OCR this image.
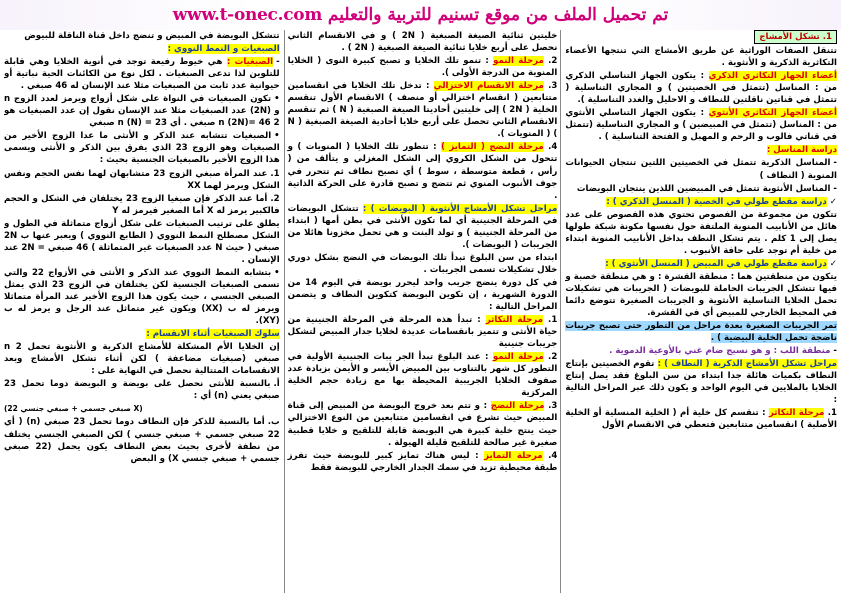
تم تحميل الملف من موقع تسنيم للتربية والتعليم www.t-onec.com

1. تشكل الأمشاج

تتنقل الصفات الوراثية عن طريق الأمشاج التي تنتجها الأعضاء التكاثرية الذكرية و الأنثوية .

أعضاء الجهاز التكاثري الذكري : يتكون الجهاز التناسلي الذكري من : المناسل (تتمثل في الخصيتين ) و المجاري التناسلية ( تتمثل في قناتين ناقلتين للنطاف و الاحليل والغدد التناسلية ).

أعضاء الجهاز التكاثري الأنثوي : يتكون الجهاز التناسلي الأنثوي من : المناسل (تتمثل في المبيضين ) و المجاري التناسلية (تتمثل في قناتي فالوب و الرحم و المهبل و الفتحة التناسلية ) .

دراسة المناسل :

-المناسل الذكرية تتمثل في الخصيتين اللتين تنتجان الحيوانات المنوية ( النطاف )

-المناسل الأنثوية تتمثل في المبيضين اللذين ينتجان البويضات

✓دراسة مقطع طولي في الخصية ( المنسل الذكري ) :

تتكون من مجموعة من الفصوص تحتوي هذه الفصوص على عدد هائل من الأنابيب المنوية الملتفة حول نفسها مكونة شبكة طولها يصل إلى 1 كلم . يتم تشكل النطف بداخل الأنابيب المنوية ابتداء من خلية أم توجد على حافة الأنبوب .

✓دراسة مقطع طولي في المبيض ( المنسل الأنثوي ) :

يتكون من منطقتين هما : منطقة القشرة : و هي منطقة خصبة و فيها تتشكل الجريبات الحاملة للبويضات ( الجريبات هي تشكيلات تحمل الخلايا التناسلية الأنثوية و الجريبات الصغيرة تتوضع دائما في المحيط الخارجي للمبيض أي في القشرة.

تمر الجريبات الصغيرة بعدة مراحل من التطور حتى تصبح جريبات ناضجة تحمل الخلية البيضية ) .

-منطقة اللب : و هو نسيج ضام غني بالأوعية الدموية .

مراحل تشكل الأمشاج الذكرية ( النطاف ) : تقوم الخصيتين بإنتاج النطاف بكميات هائلة جدا ابتداء من سن البلوغ فقد يصل إنتاج الخلايا بالملايين في اليوم الواحد و يكون ذلك عبر المراحل التالية :

1. مرحلة التكاثر : تنقسم كل خلية أم ( الخلية المنسلية أو الخلية الأصلية ) انقسامين متتابعين فتعطي في الانقسام الأول

خليتين ثنائية الصيغة الصبغية ( 2N ) و في الانقسام الثاني نحصل على أربع خلايا ثنائية الصيغة الصبغية ( 2N ) .

2. مرحلة النمو : تنمو تلك الخلايا و تصبح كبيرة النوى ( الخلايا المنوية من الدرجة الأولى ).

3. مرحلة الانقسام الاختزالي : تدخل تلك الخلايا في انقسامين متتابعين ( انقسام اختزالي أو منصف ) الانقسام الأول تنقسم الخلية ( 2N ) إلى خليتين أحاديتا الصيغة الصبغية ( N ) ثم تنقسم الانقسام الثاني تحصل على أربع خلايا أحادية الصيغة الصبغية ( N ) ( المنويات ).

4. مرحلة النضج ( التمايز ) : تتطور تلك الخلايا ( المنويات ) و تتحول من الشكل الكروي إلى الشكل المغزلي و يتألف من ( رأس ، قطعة متوسطة ، سوط ) أي تصبح نطاف ثم تتحرر في جوف الأنبوب المنوي ثم تتضج و تصبح قادرة على الحركة الذاتية .

مراحل تشكل الأمشاج الأنثوية ( البويضات ) : تتشكل البويضات في المرحلة الجنينية أي لما تكون الأنثى في بطن أمها ( ابتداء من المرحلة الجنينية ) و تولد البنت و هي تحمل مخزونا هائلا من الجريبات ( البويضات ).

ابتداء من سن البلوغ تبدأ تلك البويضات في النضج بشكل دوري خلال تشكيلات تسمى الجريبات .

في كل دورة ينضج جريب واحد ليحرر بويضة في اليوم 14 من الدورة الشهرية ، إن تكوين البويضة كتكوين النطاف و يتضمن المراحل التالية :

1. مرحلة التكاثر : تبدأ هذه المرحلة في المرحلة الجنينية من حياة الأنثى و تتميز بانقسامات عديدة لخلايا جدار المبيض لتشكل جريبات جنينية

2. مرحلة النمو : عند البلوغ تبدأ الجر يبات الجنينية الأولية في التطور كل شهر بالتناوب بين المبيض الأيسر و الأيمن بزيادة عدد صفوف الخلايا الجريبية المحيطة بها مع زيادة حجم الخلية المركزية

3. مرحلة النضج : و تتم بعد خروج البويضة من المبيض إلى قناة المبيض حيث تشرع في انقسامين متتابعين من النوع الاختزالي حيث ينتج خلية كبيرة هي البويضة قابلة للتلقيح و خلايا قطبية صغيرة غير صالحة للتلقيح قليلة الهيولة .

4. مرحلة التمايز : ليس هناك تمايز كبير للبويضة حيث تفرز طبقة محيطية تزيد في سمك الجدار الخارجي للبويضة فقط

تتشكل البويضة في المبيض و تنضج داخل قناة الناقلة للبيوض

الصبغيات و النمط النووي :

-الصبغيات : هي خيوط رفيعة توجد في أنوية الخلايا وهي قابلة للتلوين لذا تدعى الصبغيات . لكل نوع من الكائنات الحية نباتية أو حيوانية عدد ثابت من الصبغيات مثلا عند الإنسان له 46 صبغي .

•تكون الصبغيات في النواة على شكل أزواج ويرمز لعدد الزوج n و (2N) عدد الصبغيات مثلا عند الإنسان نقول إن عدد الصبغيات هو 2 n (2N)= 46 صبغي . أي n (N) = 23 صبغي

•الصبغيات تتشابه عند الذكر و الأنثى ما عدا الزوج الأخير من الصبغيات وهو الزوج 23 الذي يفرق بين الذكر و الأنثى ويسمى هذا الزوج الأخير بالصبغيات الجنسية بحيث :

1.عند المرأة صبغي الزوج 23 متشابهان لهما نفس الحجم ونفس الشكل ويرمز لهما XX

2.أما عند الذكر فإن صبغيا الزوج 23 يختلفان في الشكل و الحجم فالكبير يرمز له X أما الصغير فيرمز له Y

يطلق على ترتيب الصبغيات على شكل أزواج متماثلة في الطول و الشكل مصطلح النمط النووي ( الطابع النووي ) ويعبر عنها ب 2N صبغي ( حيث N عدد الصبغيات غير المتماثلة ) 46 صبغي = 2N عند الإنسان .

•بتشابه النمط النووي عند الذكر و الأنثى في الأزواج 22 والتي تسمى الصبغيات الجنسية لكن يختلفان في الزوج 23 الذي يمثل الصبغي الجنسي ، حيث يكون هذا الزوج الأخير عند المرأة متماثلا ويرمز له ب (XX) ويكون غير متماثل عند الرجل و يرمز له ب (XY).

سلوك الصبغيات أثناء الانقسام :

إن الخلايا الأم المشكلة للأمشاج الذكرية و الأنثوية تحمل 2 n صبغي (صبغيات مضاعفة ) لكن أثناء تشكل الأمشاج وبعد الانقسامات المتتالية نحصل في النهاية على :

أ.بالنسبة للأنثى نحصل على بويضة و البويضة دوما تحمل 23 صبغي يعني (n) أي :

(22 صبغي جسمي + صبغي جنسي X)

ب.أما بالنسبة للذكر فإن النطاف دوما تحمل 23 صبغي (n) ( أي 22 صبغي جسمي + صبغي جنسي ) لكن الصبغي الجنسي يختلف من نطفة لأخرى بحيث بعض النطاف يكون يحمل (22 صبغي جسمي + صبغي جنسي X) و البعض
